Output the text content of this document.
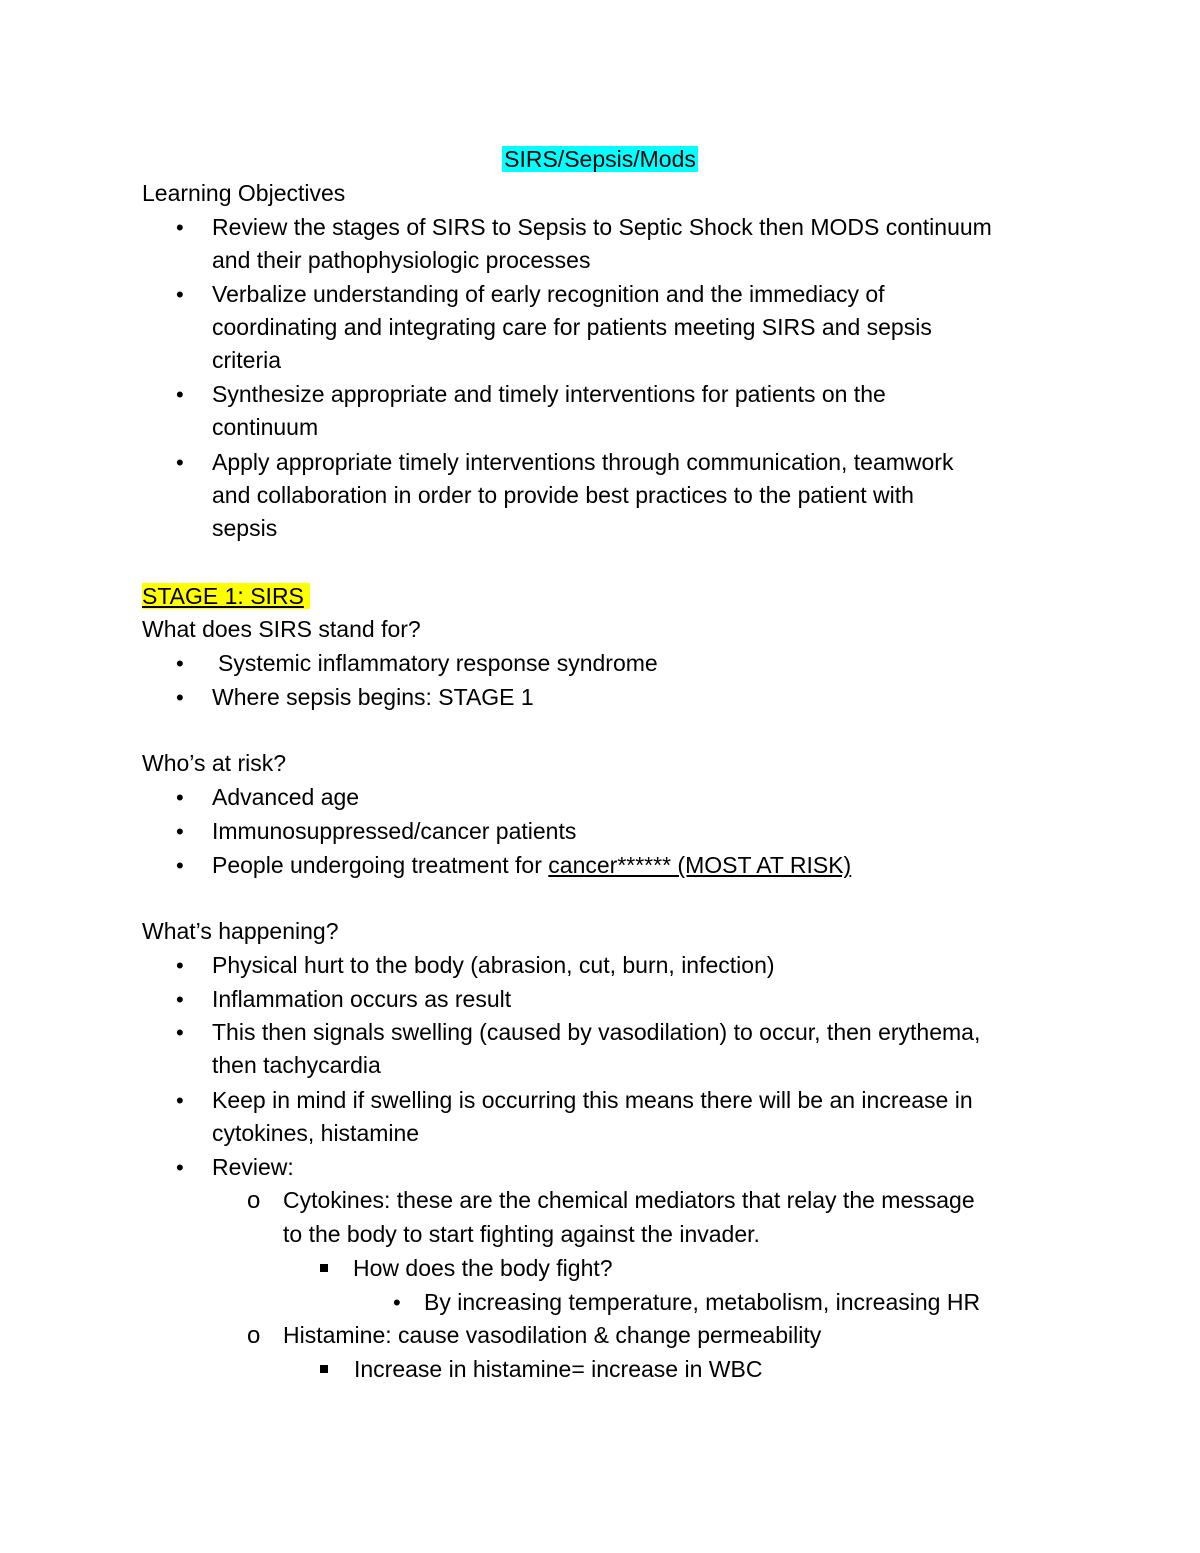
SIRS/Sepsis/Mods
Learning Objectives
• Review the stages of SIRS to Sepsis to Septic Shock then MODS continuum
and their pathophysiologic processes
• Verbalize understanding of early recognition and the immediacy of
coordinating and integrating care for patients meeting SIRS and sepsis
criteria
• Synthesize appropriate and timely interventions for patients on the
continuum
• Apply appropriate timely interventions through communication, teamwork
and collaboration in order to provide best practices to the patient with
sepsis
STAGE 1: SIRS
What does SIRS stand for?
• Systemic inflammatory response syndrome
• Where sepsis begins: STAGE 1
Who’s at risk?
• Advanced age
• Immunosuppressed/cancer patients
• People undergoing treatment for cancer****** (MOST AT RISK)
What’s happening?
• Physical hurt to the body (abrasion, cut, burn, infection)
• Inflammation occurs as result
• This then signals swelling (caused by vasodilation) to occur, then erythema,
then tachycardia
• Keep in mind if swelling is occurring this means there will be an increase in
cytokines, histamine
• Review:
o Cytokines: these are the chemical mediators that relay the message
to the body to start fighting against the invader.
How does the body fight?
• By increasing temperature, metabolism, increasing HR
o Histamine: cause vasodilation & change permeability
Increase in histamine= increase in WBC
